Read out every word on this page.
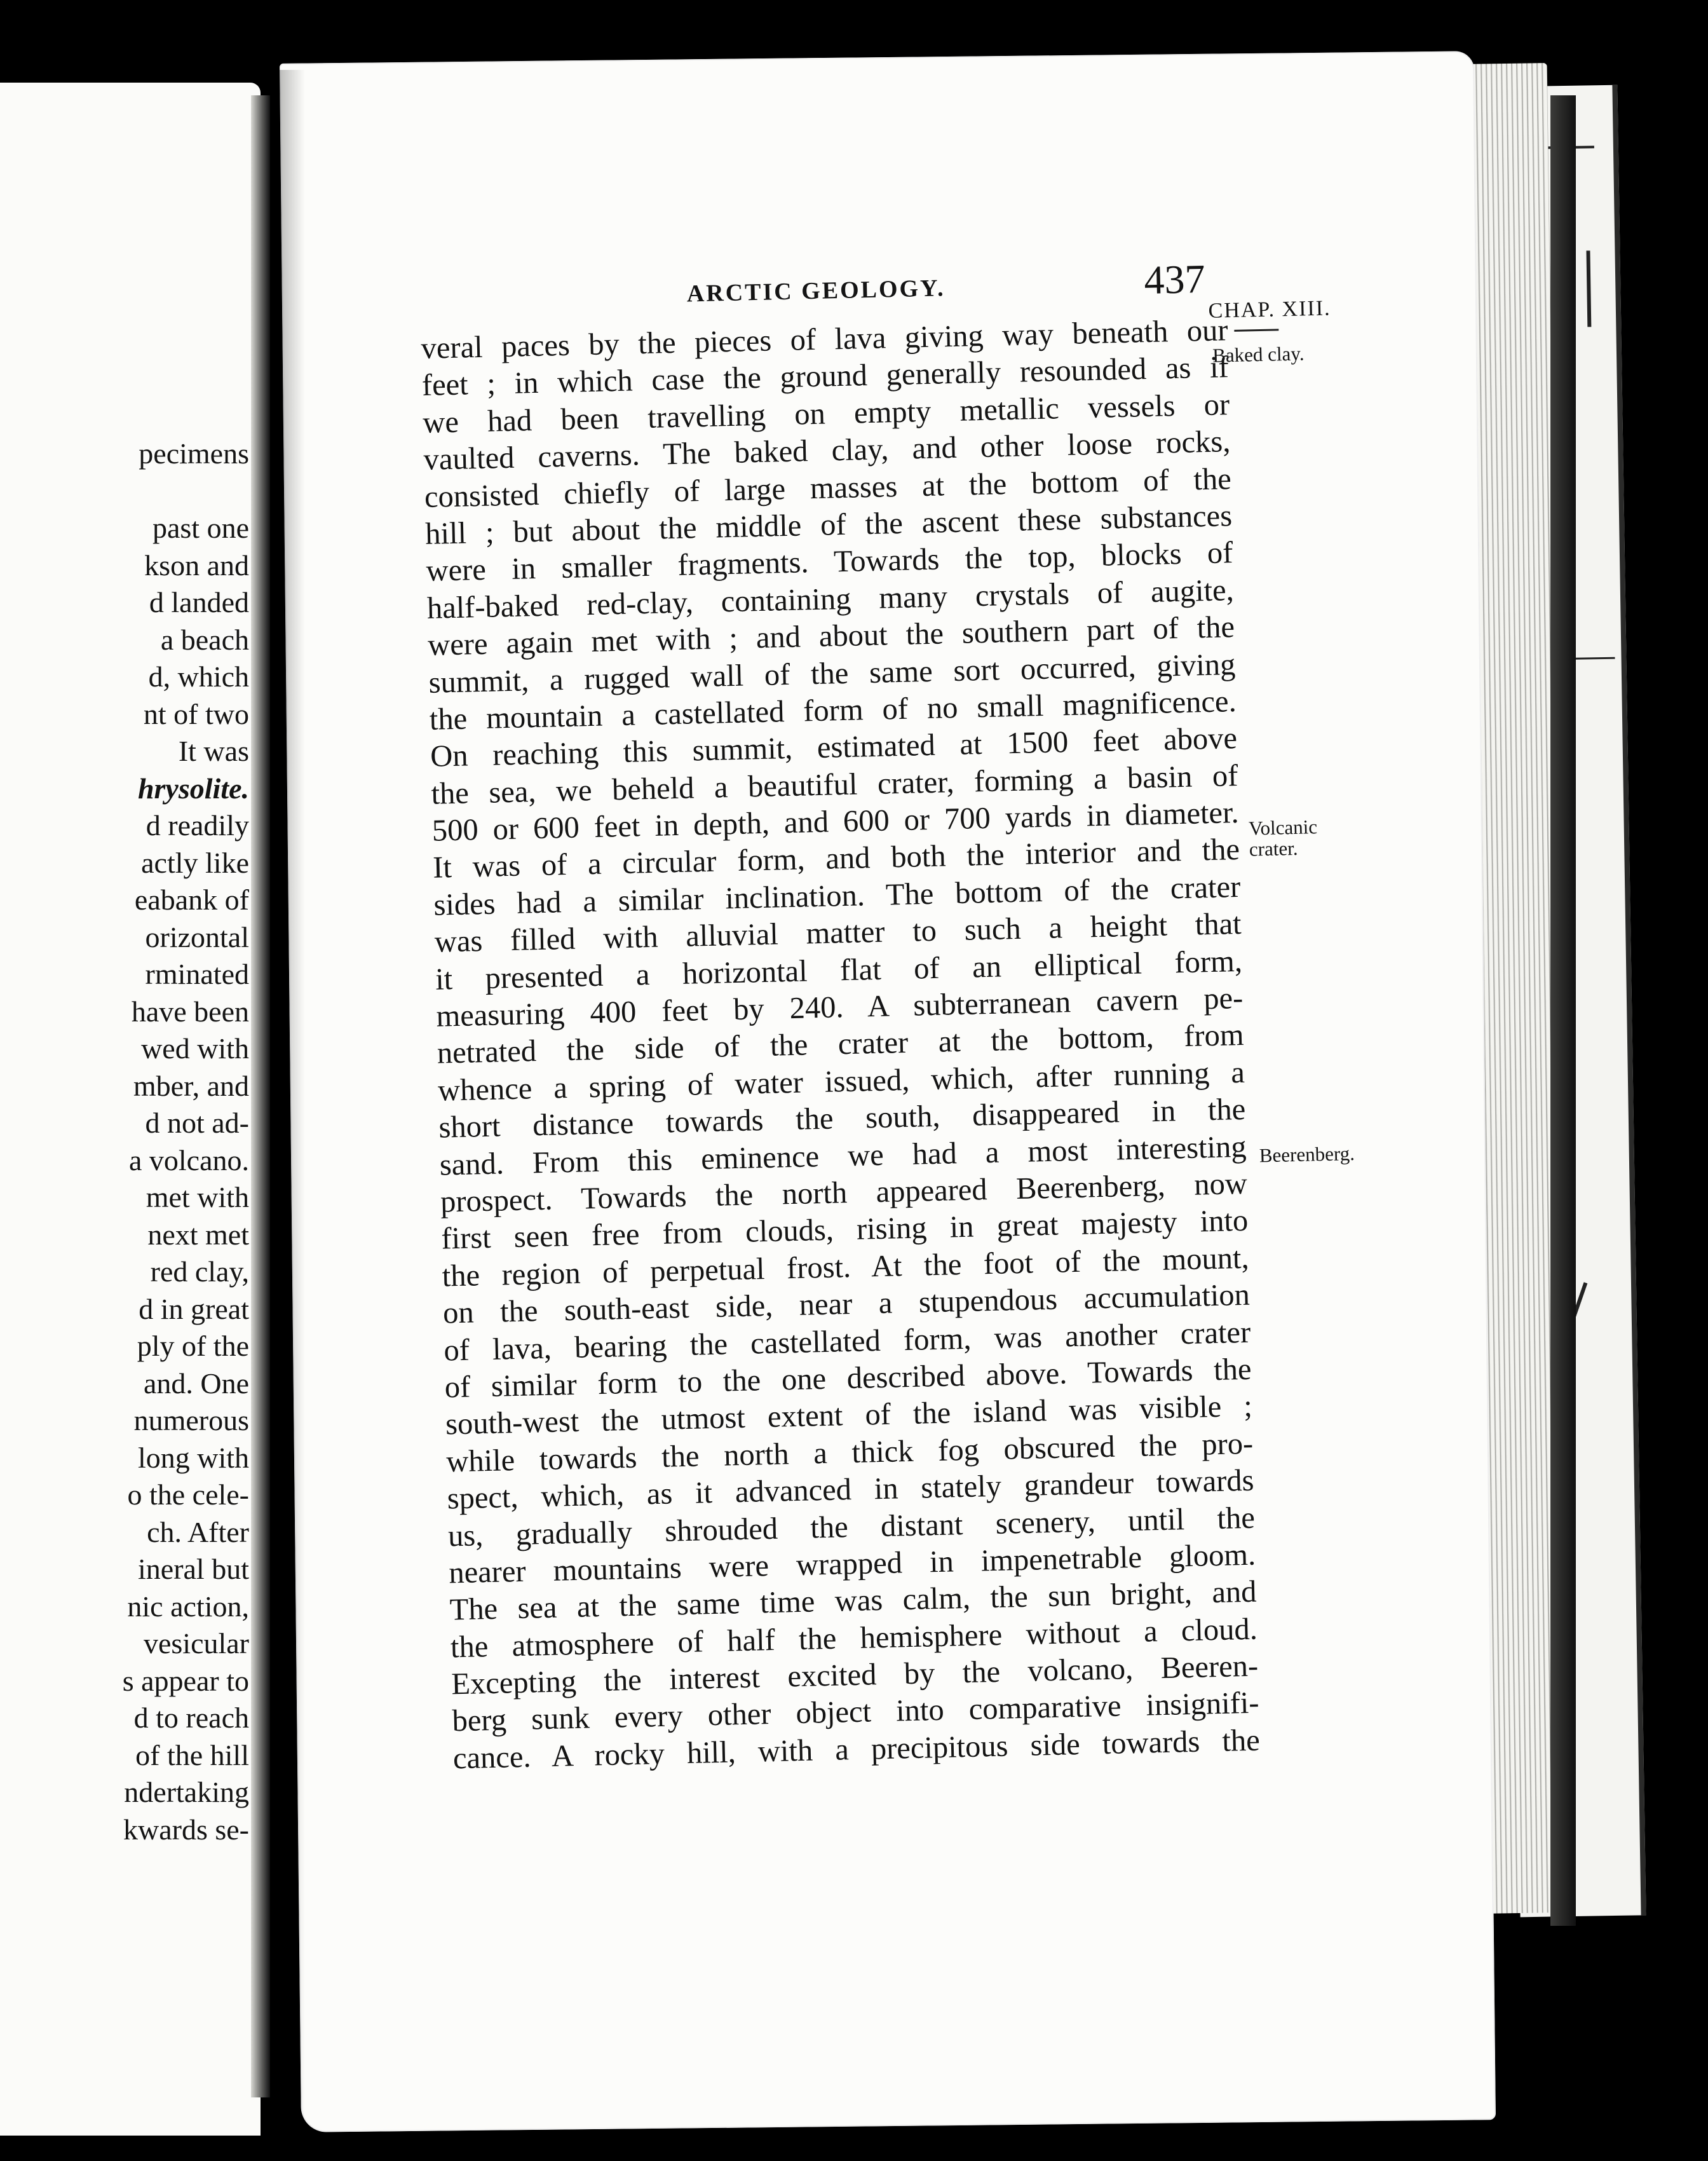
pecimens
past one
kson and
d landed
a beach
d, which
nt of two
It was
hrysolite.
d readily
actly like
eabank of
orizontal
rminated
have been
wed with
mber, and
d not ad-
a volcano.
met with
next met
red clay,
d in great
ply of the
and. One
numerous
long with
o the cele-
ch. After
ineral but
nic action,
vesicular
s appear to
d to reach
of the hill
ndertaking
kwards se-
ARCTIC GEOLOGY.	437
veral paces by the pieces of lava giving way beneath our
feet ; in which case the ground generally resounded as if
we had been travelling on empty metallic vessels or
vaulted caverns. The baked clay, and other loose rocks,
consisted chiefly of large masses at the bottom of the
hill ; but about the middle of the ascent these substances
were in smaller fragments. Towards the top, blocks of
half-baked red-clay, containing many crystals of augite,
were again met with ; and about the southern part of the
summit, a rugged wall of the same sort occurred, giving
the mountain a castellated form of no small magnificence.
On reaching this summit, estimated at 1500 feet above
the sea, we beheld a beautiful crater, forming a basin of
500 or 600 feet in depth, and 600 or 700 yards in diameter.
It was of a circular form, and both the interior and the
sides had a similar inclination. The bottom of the crater
was filled with alluvial matter to such a height that
it presented a horizontal flat of an elliptical form,
measuring 400 feet by 240. A subterranean cavern pe-
netrated the side of the crater at the bottom, from
whence a spring of water issued, which, after running a
short distance towards the south, disappeared in the
sand. From this eminence we had a most interesting
prospect. Towards the north appeared Beerenberg, now
first seen free from clouds, rising in great majesty into
the region of perpetual frost. At the foot of the mount,
on the south-east side, near a stupendous accumulation
of lava, bearing the castellated form, was another crater
of similar form to the one described above. Towards the
south-west the utmost extent of the island was visible ;
while towards the north a thick fog obscured the pro-
spect, which, as it advanced in stately grandeur towards
us, gradually shrouded the distant scenery, until the
nearer mountains were wrapped in impenetrable gloom.
The sea at the same time was calm, the sun bright, and
the atmosphere of half the hemisphere without a cloud.
Excepting the interest excited by the volcano, Beeren-
berg sunk every other object into comparative insignifi-
cance. A rocky hill, with a precipitous side towards the
CHAP. XIII.
Baked clay.
Volcanic
crater.
Beerenberg.
